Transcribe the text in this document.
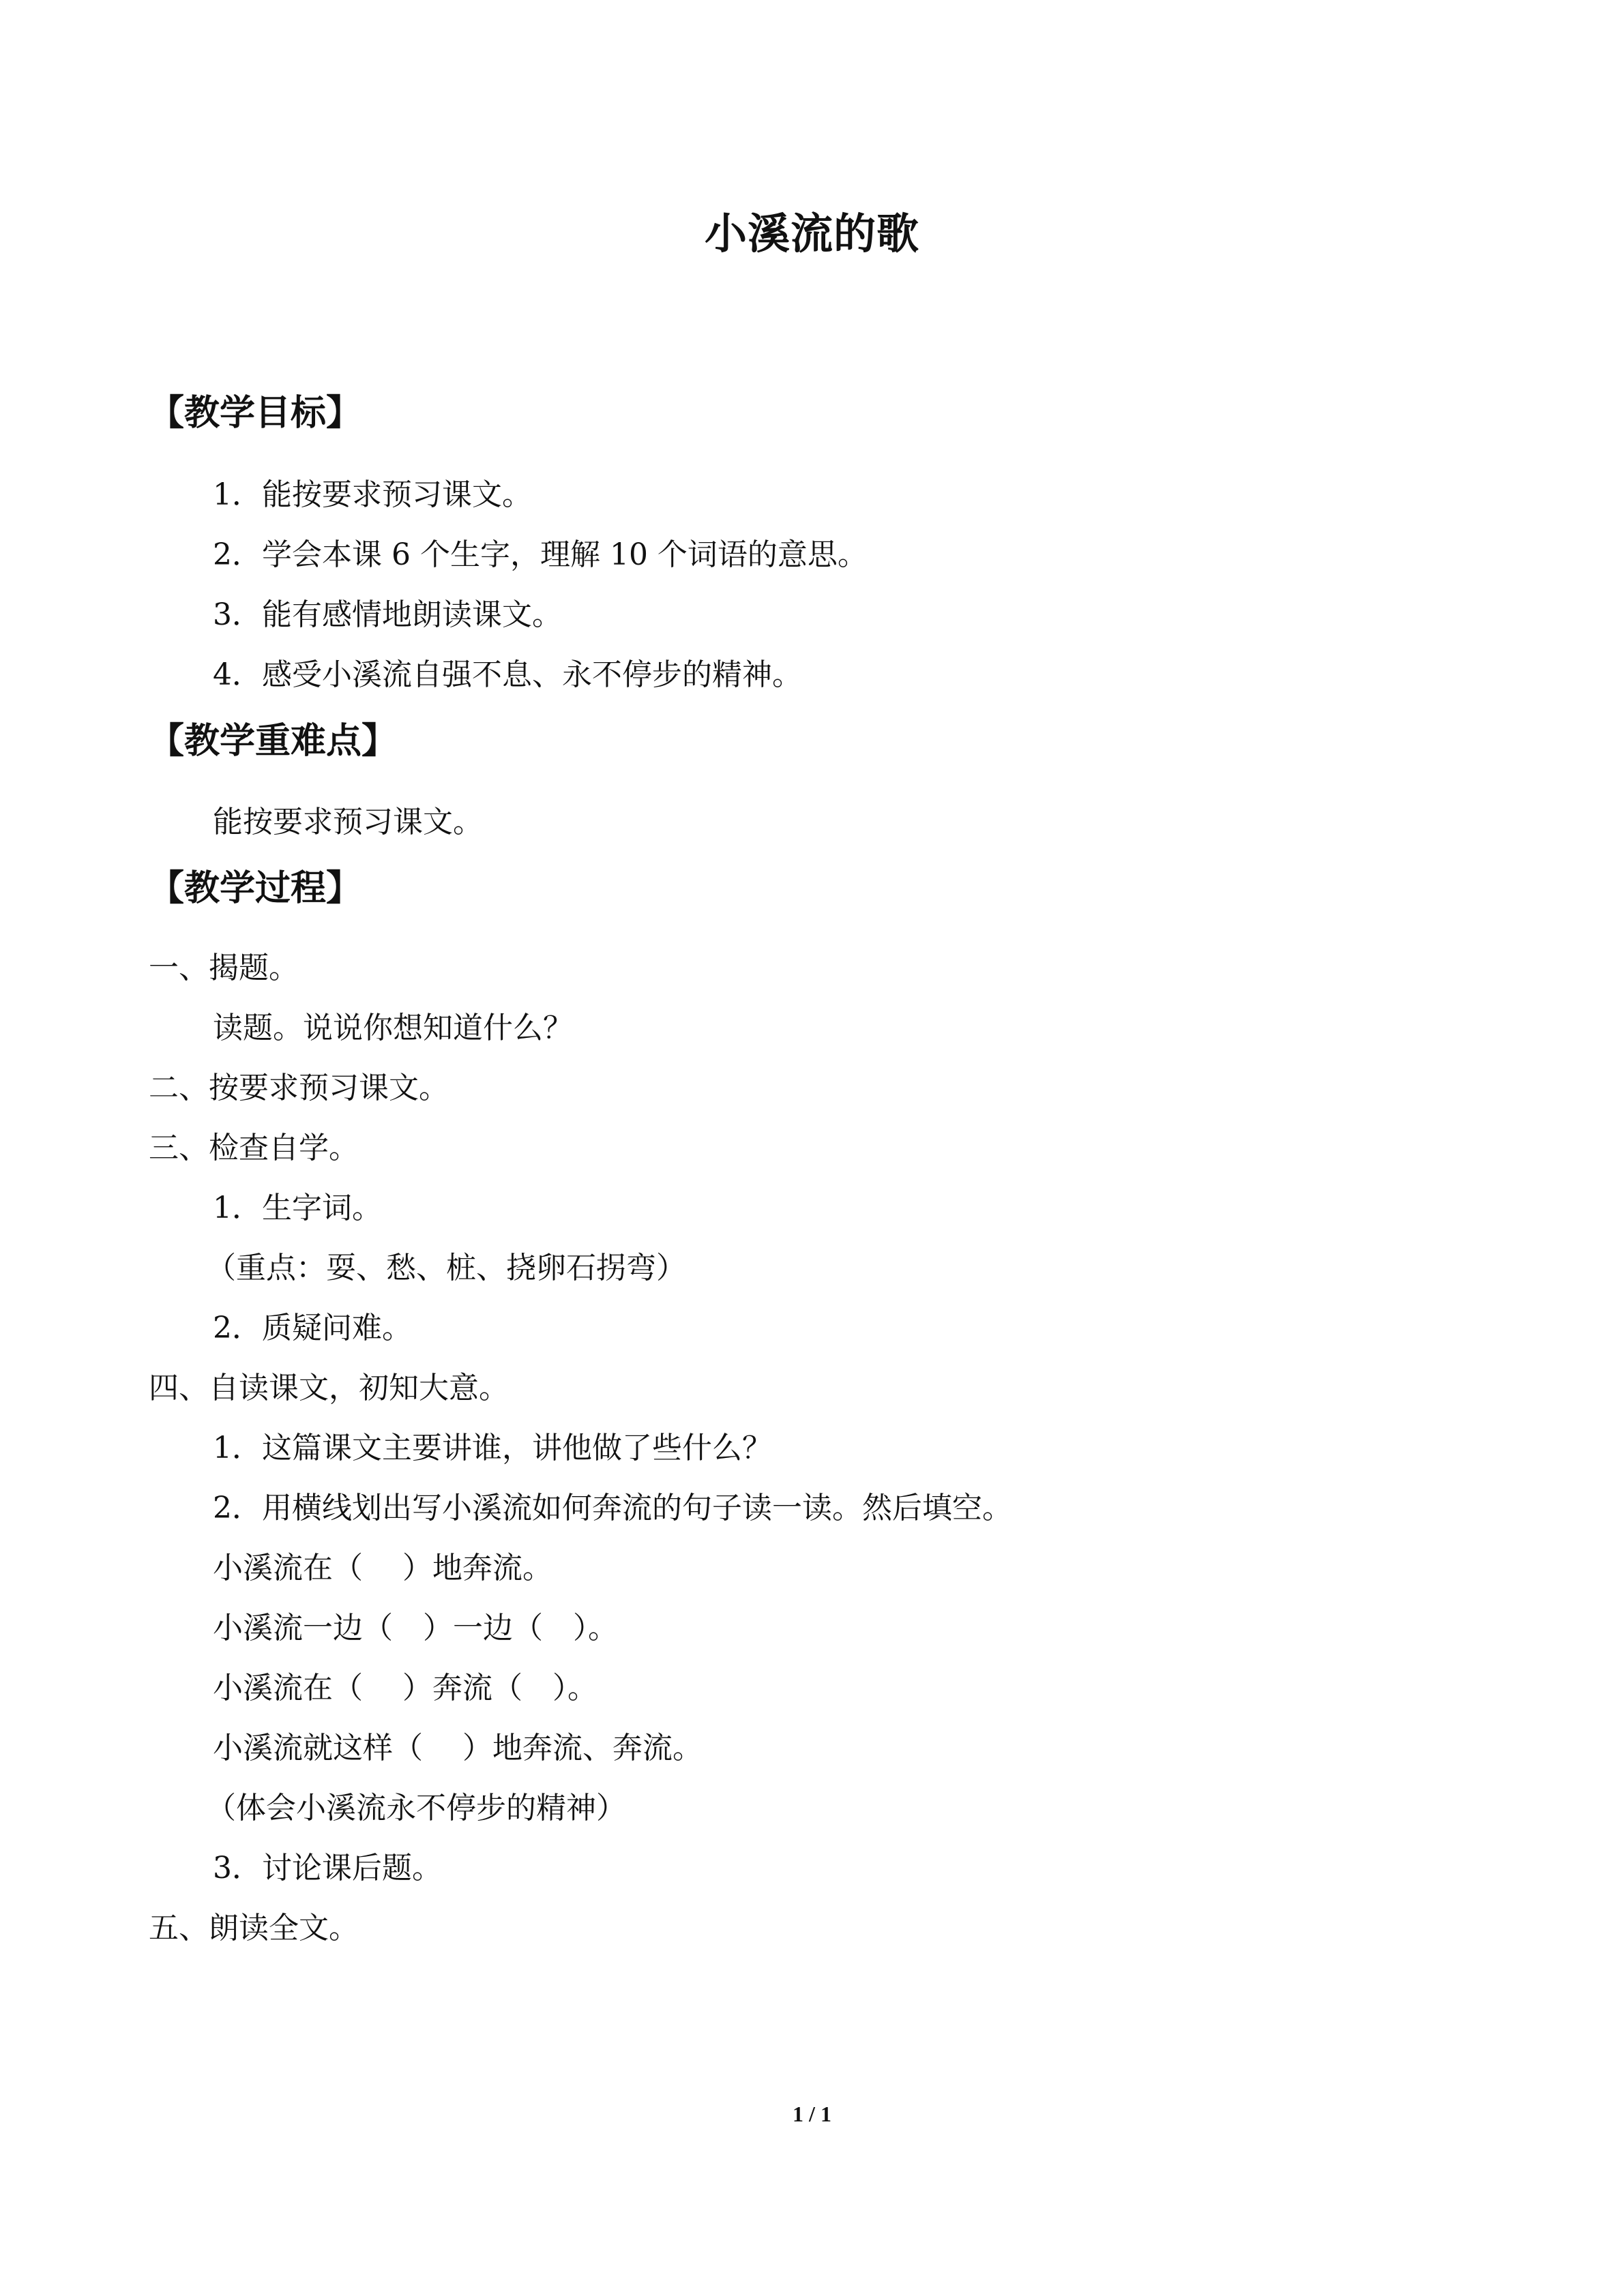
小溪流的歌
【教学目标】
1．能按要求预习课文。
2．学会本课 6 个生字，理解 10 个词语的意思。
3．能有感情地朗读课文。
4．感受小溪流自强不息、永不停步的精神。
【教学重难点】
能按要求预习课文。
【教学过程】
一、揭题。
读题。说说你想知道什么？
二、按要求预习课文。
三、检查自学。
1．生字词。
（重点：耍、愁、桩、挠卵石拐弯）
2．质疑问难。
四、自读课文，初知大意。
1．这篇课文主要讲谁，讲他做了些什么？
2．用横线划出写小溪流如何奔流的句子读一读。然后填空。
小溪流在（　 ）地奔流。
小溪流一边（　）一边（　）。
小溪流在（　 ）奔流（　）。
小溪流就这样（　 ）地奔流、奔流。
（体会小溪流永不停步的精神）
3．讨论课后题。
五、朗读全文。
1 / 1
